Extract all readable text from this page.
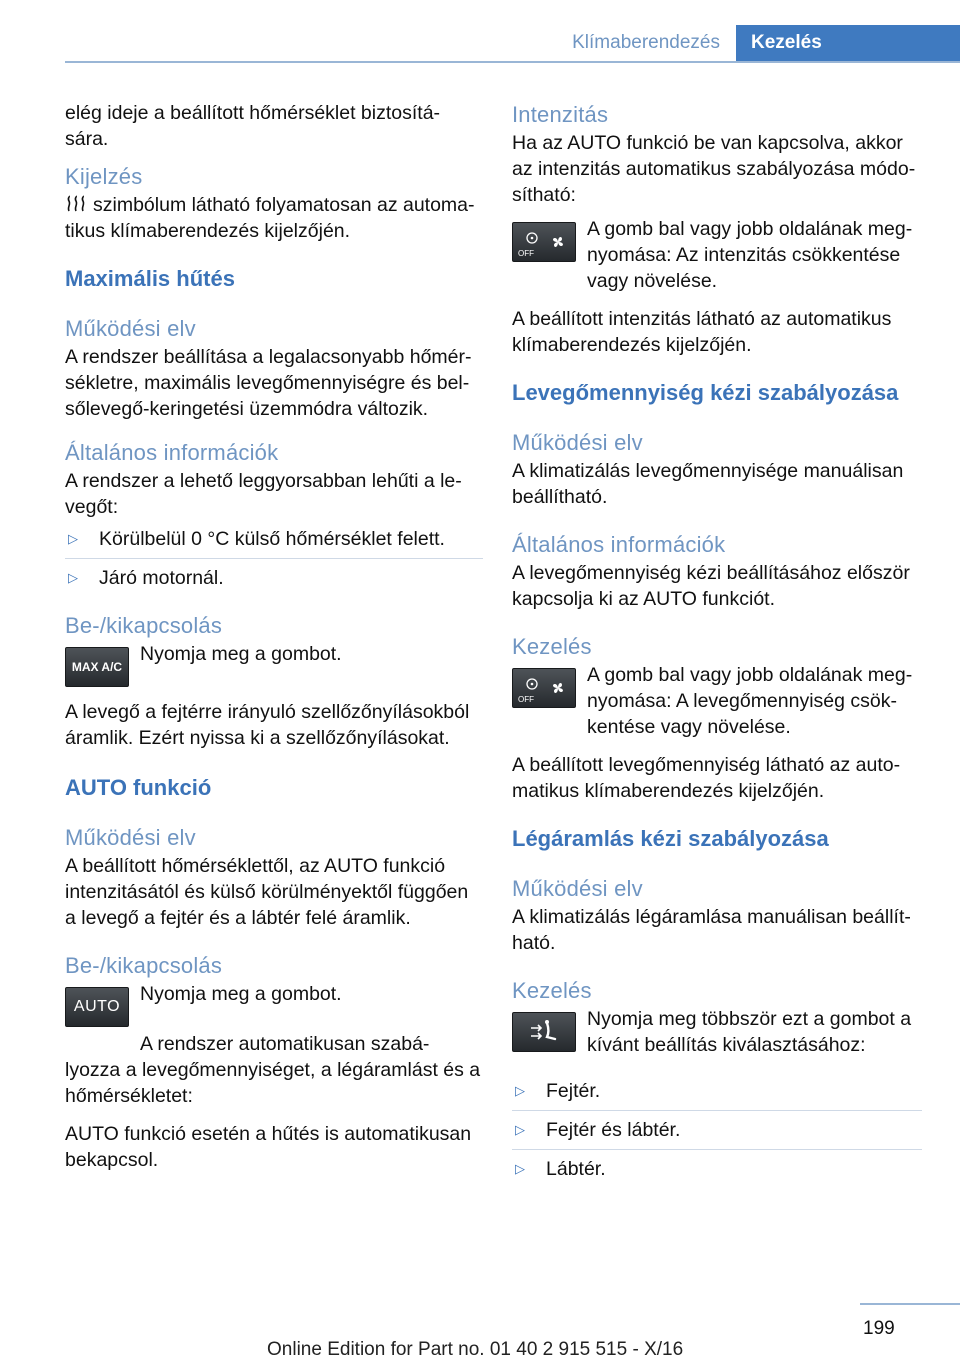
Klímaberendezés	Kezelés

elég ideje a beállított hőmérséklet biztosítá-sára.

Kijelzés

szimbólum látható folyamatosan az automa-tikus klímaberendezés kijelzőjén.

Maximális hűtés
Működési elv

A rendszer beállítása a legalacsonyabb hőmér-sékletre, maximális levegőmennyiségre és bel-sőlevegő-keringetési üzemmódra változik.

Általános információk

A rendszer a lehető leggyorsabban lehűti a le-vegőt:

▷ Körülbelül 0 °C külső hőmérséklet felett.
▷ Járó motornál.
Be-/kikapcsolás
MAX A/C

Nyomja meg a gombot.

A levegő a fejtérre irányuló szellőzőnyílásokból áramlik. Ezért nyissa ki a szellőzőnyílásokat.

AUTO funkció
Működési elv

A beállított hőmérséklettől, az AUTO funkció intenzitásától és külső körülményektől függően a levegő a fejtér és a lábtér felé áramlik.

Be-/kikapcsolás
AUTO

Nyomja meg a gombot.

A rendszer automatikusan szabá-lyozza a levegőmennyiséget, a légáramlást és a hőmérsékletet:

AUTO funkció esetén a hűtés is automatikusan bekapcsol.

Intenzitás

Ha az AUTO funkció be van kapcsolva, akkor az intenzitás automatikus szabályozása módo-sítható:

OFF

A gomb bal vagy jobb oldalának meg-nyomása: Az intenzitás csökkentése vagy növelése.

A beállított intenzitás látható az automatikus klímaberendezés kijelzőjén.

Levegőmennyiség kézi szabályozása
Működési elv

A klimatizálás levegőmennyisége manuálisan beállítható.

Általános információk

A levegőmennyiség kézi beállításához először kapcsolja ki az AUTO funkciót.

Kezelés
OFF

A gomb bal vagy jobb oldalának meg-nyomása: A levegőmennyiség csök-kentése vagy növelése.

A beállított levegőmennyiség látható az auto-matikus klímaberendezés kijelzőjén.

Légáramlás kézi szabályozása
Működési elv

A klimatizálás légáramlása manuálisan beállít-ható.

Kezelés

Nyomja meg többször ezt a gombot a kívánt beállítás kiválasztásához:

▷ Fejtér.
▷ Fejtér és lábtér.
▷ Lábtér.
199
Online Edition for Part no. 01 40 2 915 515 - X/16
